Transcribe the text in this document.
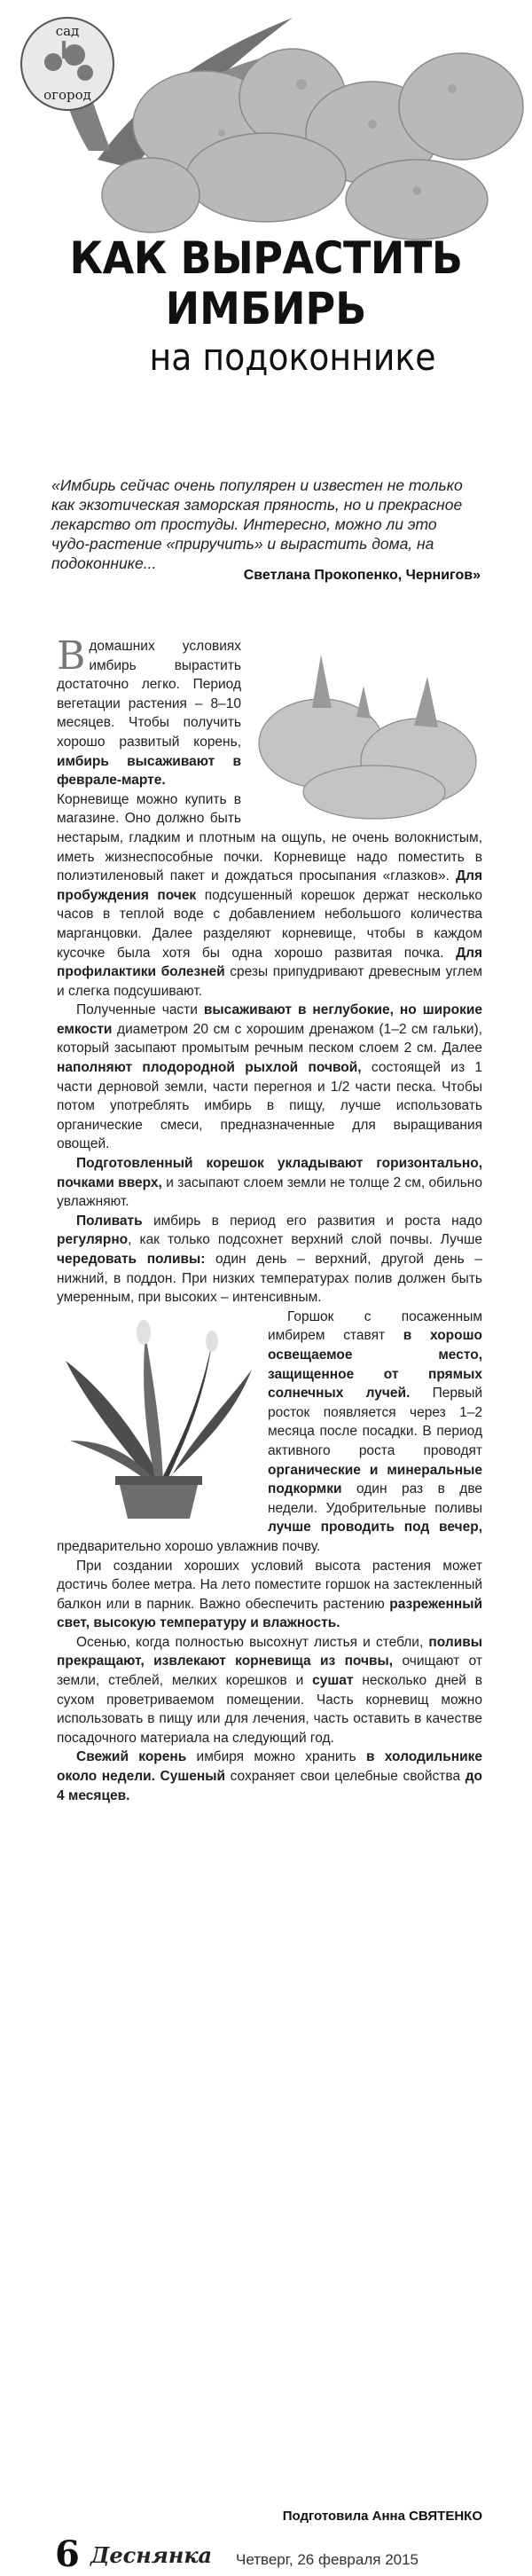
сад
огород
КАК ВЫРАСТИТЬ
ИМБИРЬ
на подоконнике
«Имбирь сейчас очень популярен и известен не только как экзотическая заморская пряность, но и прекрасное лекарство от простуды. Интересно, можно ли это чудо-растение «приручить» и вырастить дома, на подоконнике...
Светлана Прокопенко, Чернигов»

Вдомашних условиях имбирь вырастить достаточно легко. Период вегетации растения – 8–10 месяцев. Чтобы получить хорошо развитый корень, имбирь высаживают в феврале-марте. Корневище можно купить в магазине. Оно должно быть нестарым, гладким и плотным на ощупь, не очень волокнистым, иметь жизнеспособные почки. Корневище надо поместить в полиэтиленовый пакет и дождаться просыпания «глазков». Для пробуждения почек подсушенный корешок держат несколько часов в теплой воде с добавлением небольшого количества марганцовки. Далее разделяют корневище, чтобы в каждом кусочке была хотя бы одна хорошо развитая почка. Для профилактики болезней срезы припудривают древесным углем и слегка подсушивают.

Полученные части высаживают в неглубокие, но широкие емкости диаметром 20 см с хорошим дренажом (1–2 см гальки), который засыпают промытым речным песком слоем 2 см. Далее наполняют плодородной рыхлой почвой, состоящей из 1 части дерновой земли, части перегноя и 1/2 части песка. Чтобы потом употреблять имбирь в пищу, лучше использовать органические смеси, предназначенные для выращивания овощей.

Подготовленный корешок укладывают горизонтально, почками вверх, и засыпают слоем земли не толще 2 см, обильно увлажняют.

Поливать имбирь в период его развития и роста надо регулярно, как только подсохнет верхний слой почвы. Лучше чередовать поливы: один день – верхний, другой день – нижний, в поддон. При низких температурах полив должен быть умеренным, при высоких – интенсивным.

Горшок с посаженным имбирем ставят в хорошо освещаемое место, защищенное от прямых солнечных лучей. Первый росток появляется через 1–2 месяца после посадки. В период активного роста проводят органические и минеральные подкормки один раз в две недели. Удобрительные поливы лучше проводить под вечер, предварительно хорошо увлажнив почву.

При создании хороших условий высота растения может достичь более метра. На лето поместите горшок на застекленный балкон или в парник. Важно обеспечить растению разреженный свет, высокую температуру и влажность.

Осенью, когда полностью высохнут листья и стебли, поливы прекращают, извлекают корневища из почвы, очищают от земли, стеблей, мелких корешков и сушат несколько дней в сухом проветриваемом помещении. Часть корневищ можно использовать в пищу или для лечения, часть оставить в качестве посадочного материала на следующий год.

Свежий корень имбиря можно хранить в холодильнике около недели. Сушеный сохраняет свои целебные свойства до 4 месяцев.

Подготовила Анна СВЯТЕНКО
6 Деснянка Четверг, 26 февраля 2015
